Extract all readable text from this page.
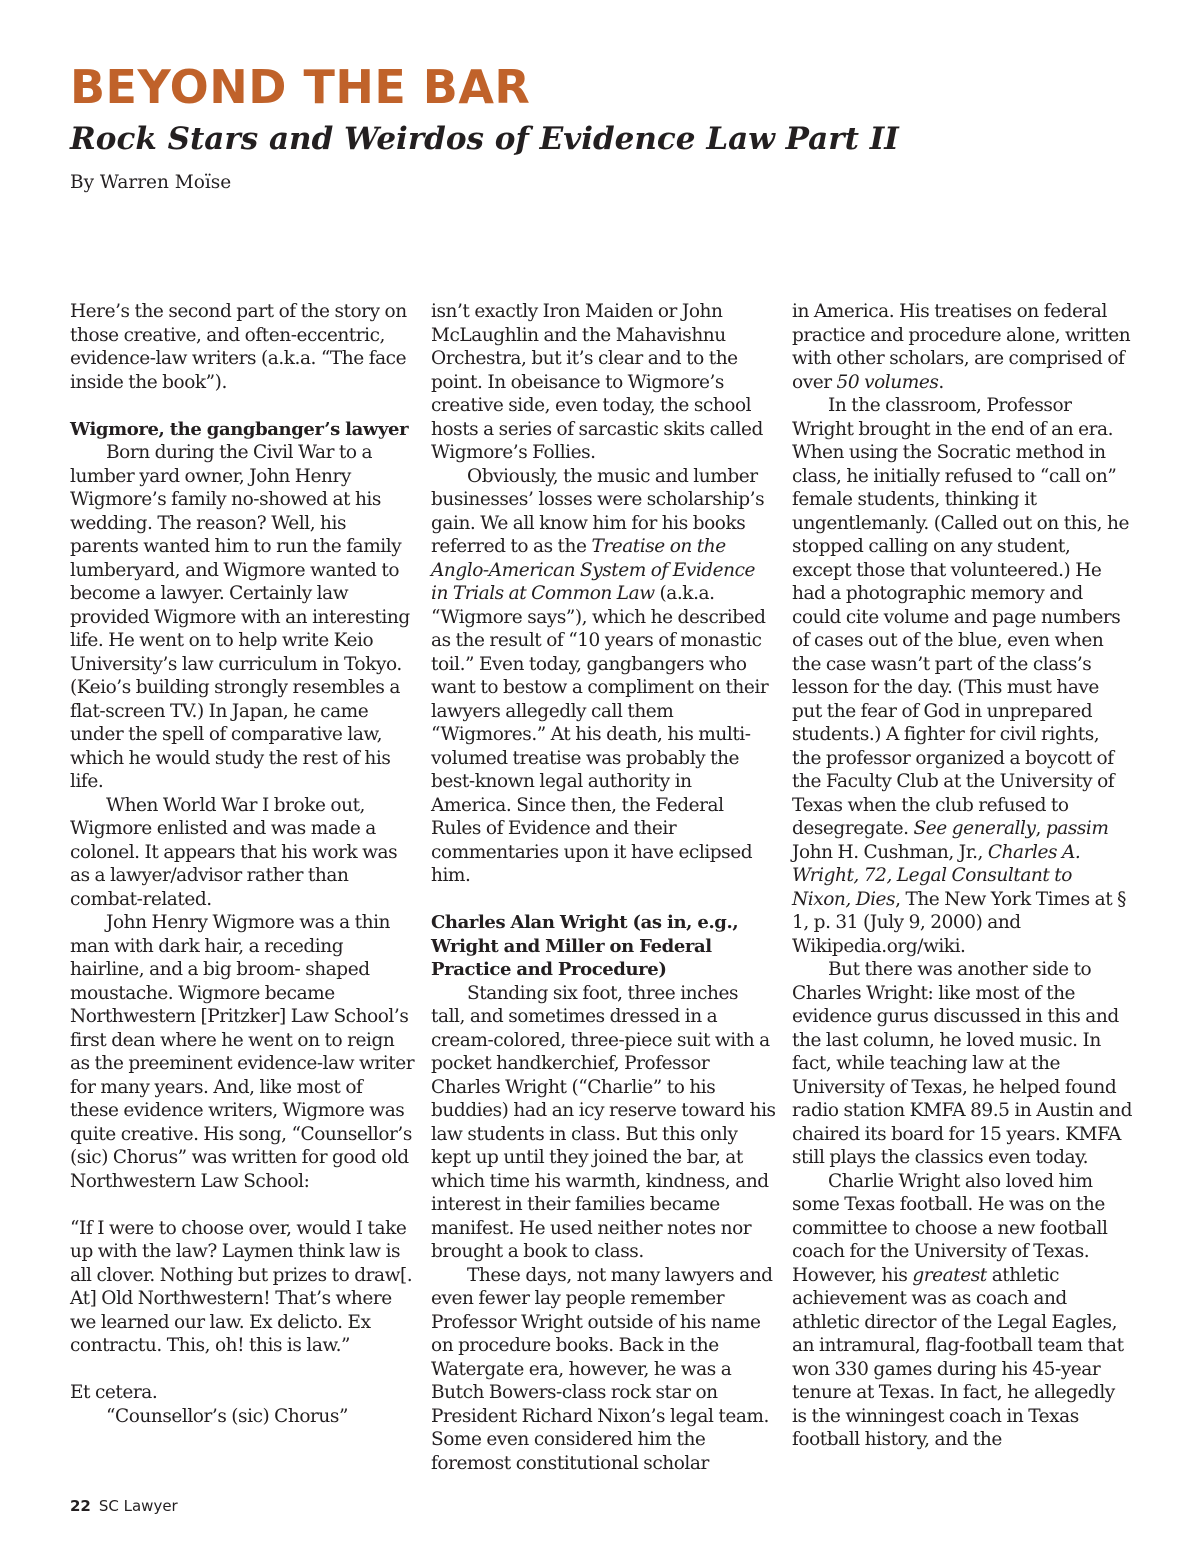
BEYOND THE BAR
Rock Stars and Weirdos of Evidence Law Part II

By Warren Moïse

Here’s the second part of the story on those creative, and often-eccentric, evidence-law writers (a.k.a. “The face inside the book”).

Wigmore, the gangbanger’s lawyer

Born during the Civil War to a lumber yard owner, John Henry Wigmore’s family no-showed at his wedding. The reason? Well, his parents wanted him to run the family lumberyard, and Wigmore wanted to become a lawyer. Certainly law provided Wigmore with an interesting life. He went on to help write Keio University’s law curriculum in Tokyo. (Keio’s building strongly resembles a flat-screen TV.) In Japan, he came under the spell of comparative law, which he would study the rest of his life.

When World War I broke out, Wigmore enlisted and was made a colonel. It appears that his work was as a lawyer/advisor rather than combat-related.

John Henry Wigmore was a thin man with dark hair, a receding hairline, and a big broom- shaped moustache. Wigmore became Northwestern [Pritzker] Law School’s first dean where he went on to reign as the preeminent evidence-law writer for many years. And, like most of these evidence writers, Wigmore was quite creative. His song, “Counsellor’s (sic) Chorus” was written for good old Northwestern Law School:

“If I were to choose over, would I take up with the law? Laymen think law is all clover. Nothing but prizes to draw[. At] Old Northwestern! That’s where we learned our law. Ex delicto. Ex contractu. This, oh! this is law.”

Et cetera.

“Counsellor’s (sic) Chorus”

isn’t exactly Iron Maiden or John McLaughlin and the Mahavishnu Orchestra, but it’s clear and to the point. In obeisance to Wigmore’s creative side, even today, the school hosts a series of sarcastic skits called Wigmore’s Follies.

Obviously, the music and lumber businesses’ losses were scholarship’s gain. We all know him for his books referred to as the Treatise on the Anglo-American System of Evidence in Trials at Common Law (a.k.a. “Wigmore says”), which he described as the result of “10 years of monastic toil.” Even today, gangbangers who want to bestow a compliment on their lawyers allegedly call them “Wigmores.” At his death, his multi-volumed treatise was probably the best-known legal authority in America. Since then, the Federal Rules of Evidence and their commentaries upon it have eclipsed him.

Charles Alan Wright (as in, e.g., Wright and Miller on Federal Practice and Procedure)

Standing six foot, three inches tall, and sometimes dressed in a cream-colored, three-piece suit with a pocket handkerchief, Professor Charles Wright (“Charlie” to his buddies) had an icy reserve toward his law students in class. But this only kept up until they joined the bar, at which time his warmth, kindness, and interest in their families became manifest. He used neither notes nor brought a book to class.

These days, not many lawyers and even fewer lay people remember Professor Wright outside of his name on procedure books. Back in the Watergate era, however, he was a Butch Bowers-class rock star on President Richard Nixon’s legal team. Some even considered him the foremost constitutional scholar

in America. His treatises on federal practice and procedure alone, written with other scholars, are comprised of over 50 volumes.

In the classroom, Professor Wright brought in the end of an era. When using the Socratic method in class, he initially refused to “call on” female students, thinking it ungentlemanly. (Called out on this, he stopped calling on any student, except those that volunteered.) He had a photographic memory and could cite volume and page numbers of cases out of the blue, even when the case wasn’t part of the class’s lesson for the day. (This must have put the fear of God in unprepared students.) A fighter for civil rights, the professor organized a boycott of the Faculty Club at the University of Texas when the club refused to desegregate. See generally, passim John H. Cushman, Jr., Charles A. Wright, 72, Legal Consultant to Nixon, Dies, The New York Times at § 1, p. 31 (July 9, 2000) and Wikipedia.org/wiki.

But there was another side to Charles Wright: like most of the evidence gurus discussed in this and the last column, he loved music. In fact, while teaching law at the University of Texas, he helped found radio station KMFA 89.5 in Austin and chaired its board for 15 years. KMFA still plays the classics even today.

Charlie Wright also loved him some Texas football. He was on the committee to choose a new football coach for the University of Texas. However, his greatest athletic achievement was as coach and athletic director of the Legal Eagles, an intramural, flag-football team that won 330 games during his 45-year tenure at Texas. In fact, he allegedly is the winningest coach in Texas football history, and the

22 SC Lawyer
